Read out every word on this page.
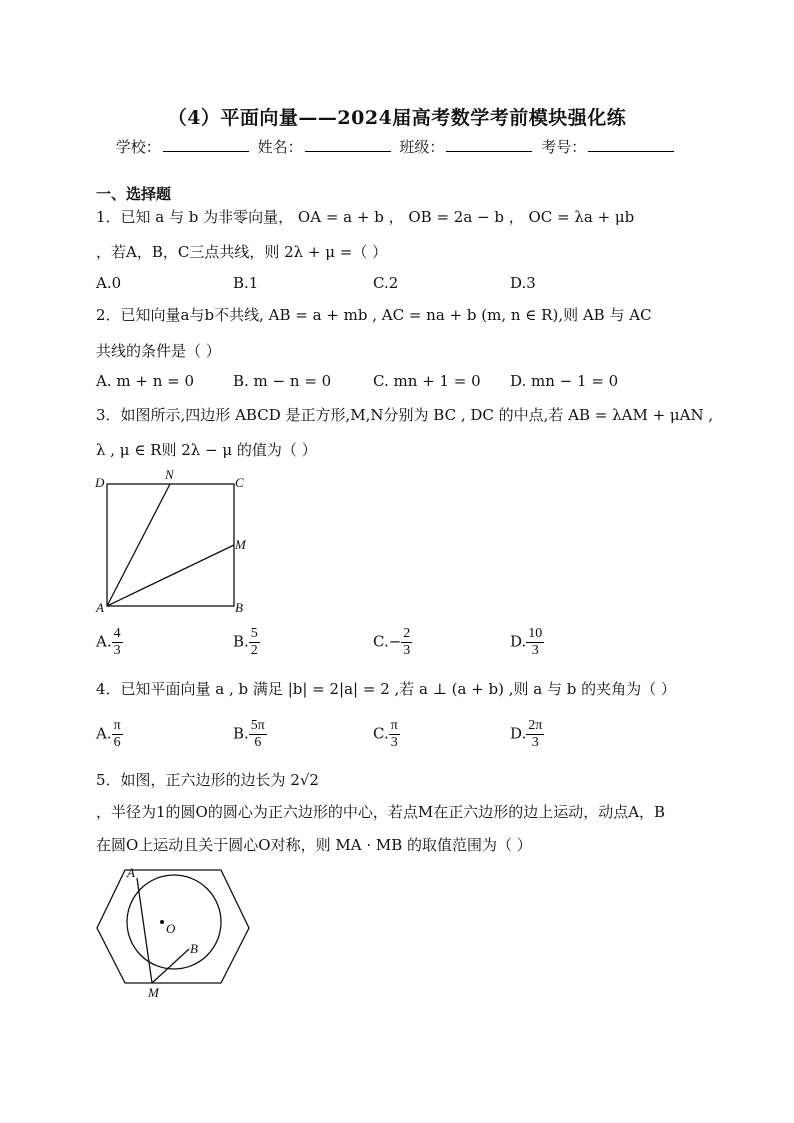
（4）平面向量——2024届高考数学考前模块强化练
学校：	姓名：	班级：	考号：
一、选择题
1．已知 a 与 b 为非零向量， OA = a + b ， OB = 2a − b ， OC = λa + μb
，若A，B，C三点共线，则 2λ + μ =（ ）
A.0	B.1	C.2	D.3
2．已知向量a与b不共线, AB = a + mb , AC = na + b (m, n ∈ R),则 AB 与 AC
共线的条件是（ ）
A. m + n = 0	B. m − n = 0	C. mn + 1 = 0 D. mn − 1 = 0
3．如图所示,四边形 ABCD 是正方形,M,N分别为 BC , DC 的中点,若 AB = λAM + μAN ,
λ , μ ∈ R则 2λ − μ 的值为（ ）
D
N
C
M
A	B
A. $\frac{4}{3}$	B. $\frac{5}{2}$	$C.- \frac{2}{3}$	D. $\frac{10}{3}$
4．已知平面向量 a , b 满足 |b| = 2|a| = 2 ,若 a ⊥ (a + b) ,则 a 与 b 的夹角为（ ）
A. $\frac{\pi}{6}$	B. $\frac{5\pi}{6}$	C. $\frac{\pi}{3}$	D. $\frac{2\pi}{3}$
5．如图，正六边形的边长为 2√2
，半径为1的圆O的圆心为正六边形的中心，若点M在正六边形的边上运动，动点A，B
在圆O上运动且关于圆心O对称，则 MA · MB 的取值范围为（ ）
A
O
B
M
